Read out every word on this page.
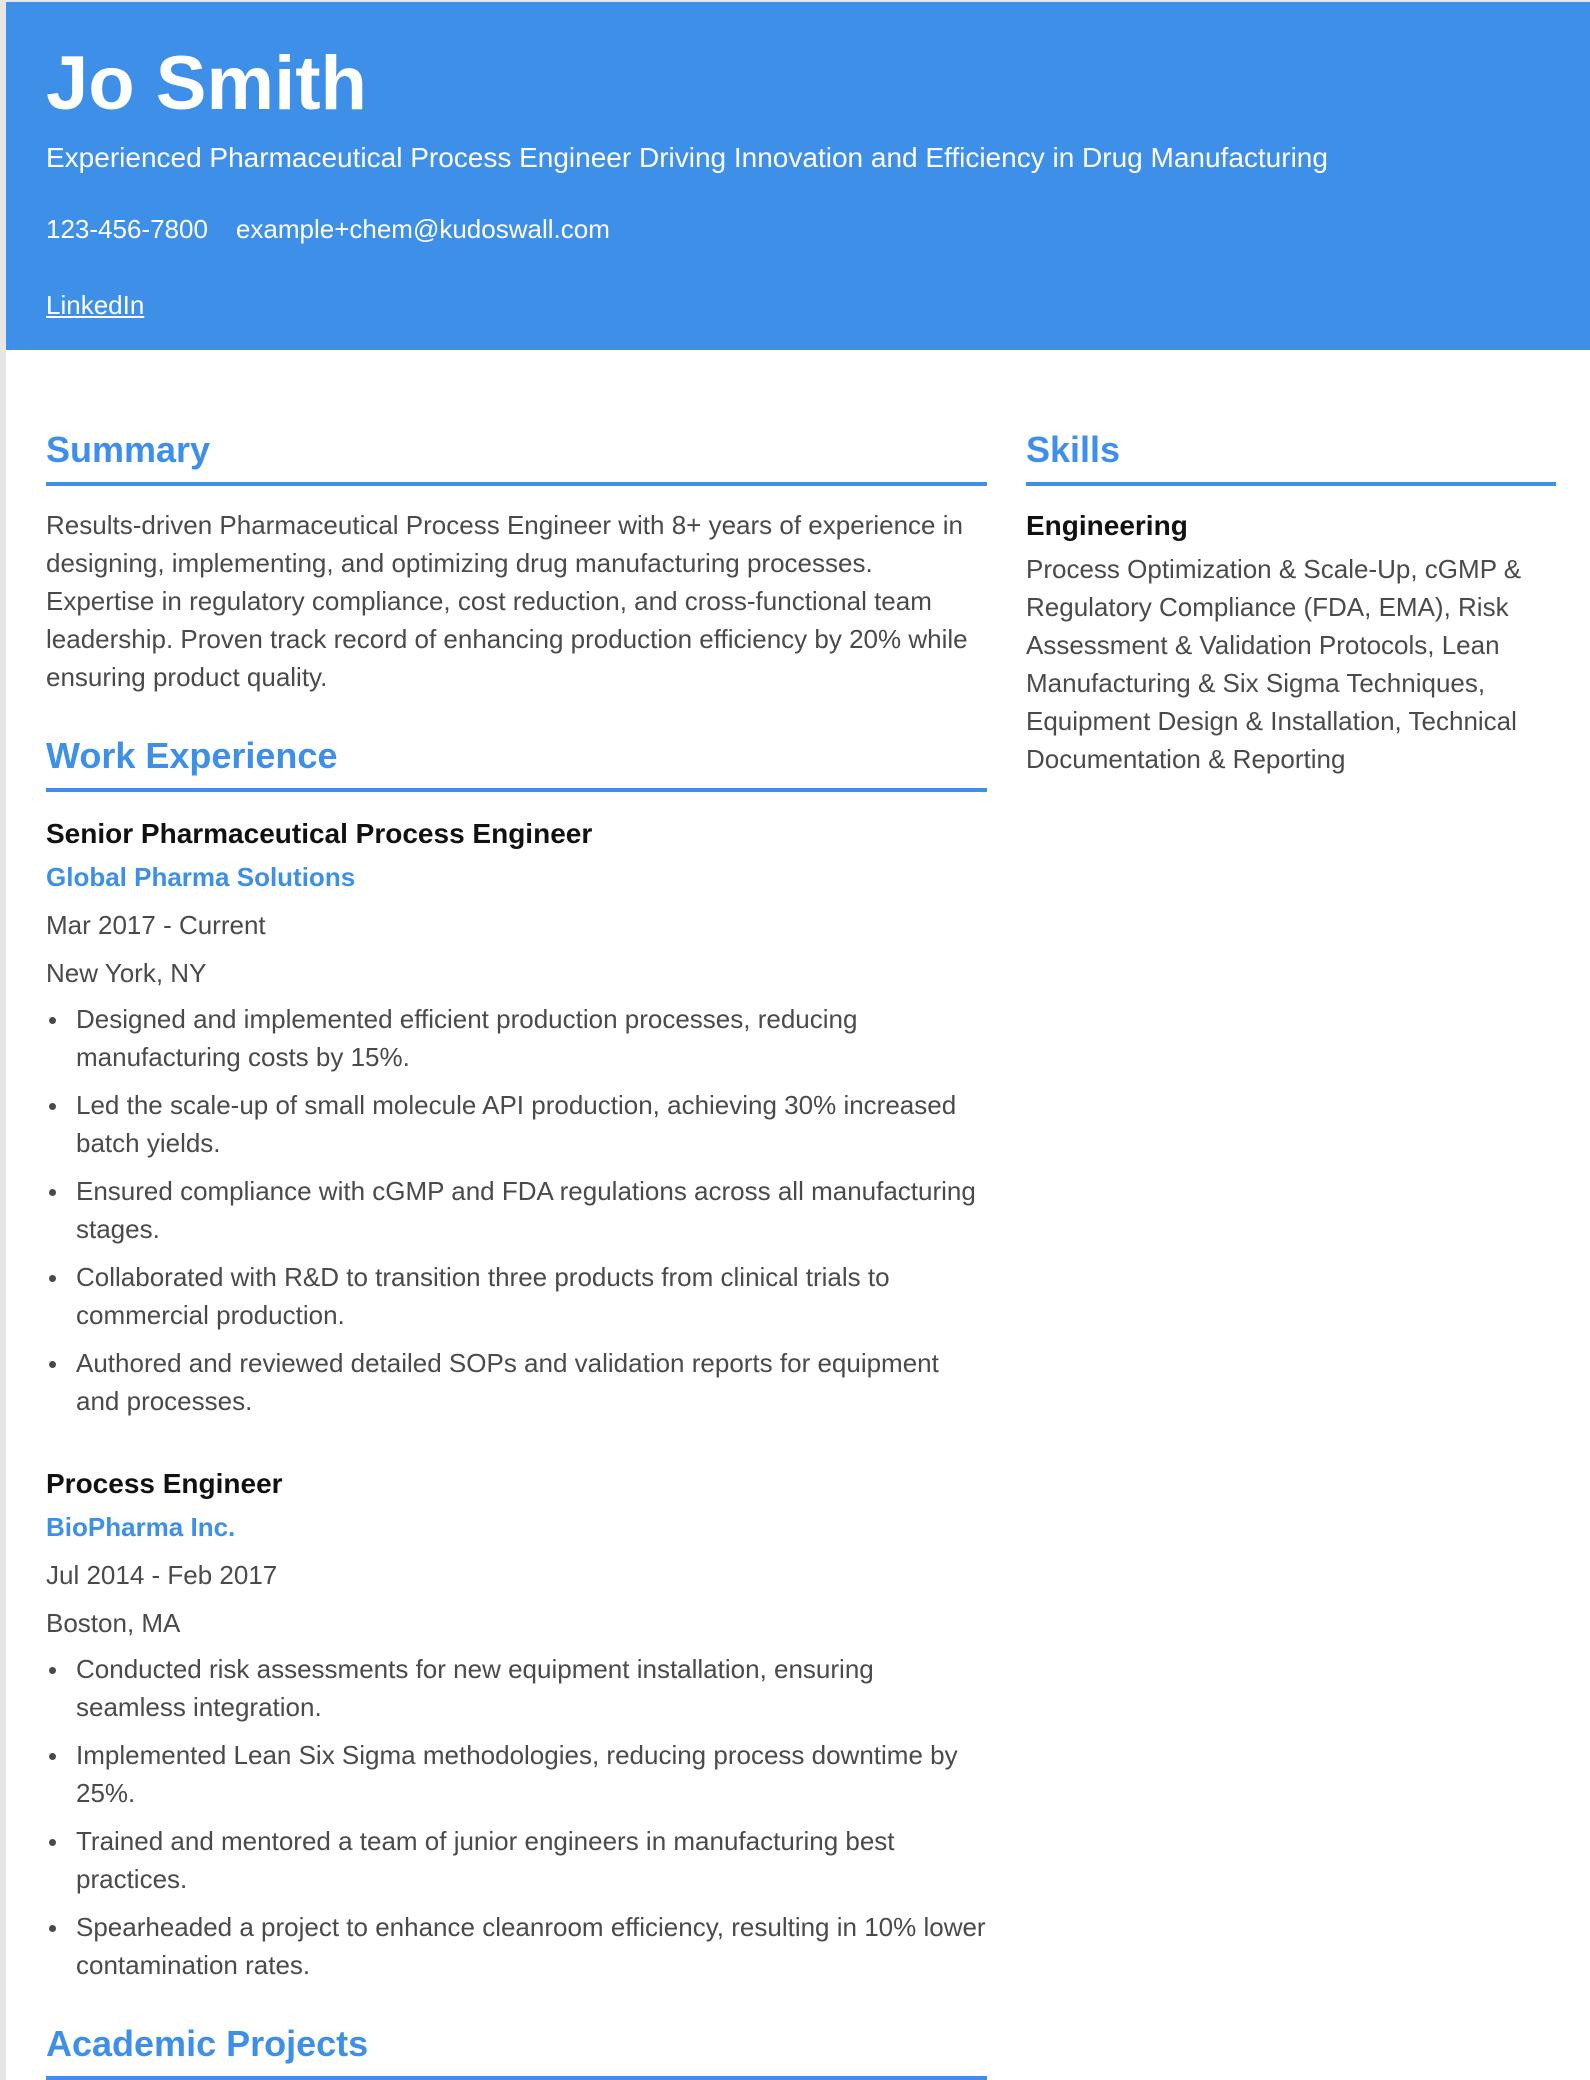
Jo Smith
Experienced Pharmaceutical Process Engineer Driving Innovation and Efficiency in Drug Manufacturing
123-456-7800 example+chem@kudoswall.com
LinkedIn
Summary

Results-driven Pharmaceutical Process Engineer with 8+ years of experience in designing, implementing, and optimizing drug manufacturing processes. Expertise in regulatory compliance, cost reduction, and cross-functional team leadership. Proven track record of enhancing production efficiency by 20% while ensuring product quality.

Work Experience
Senior Pharmaceutical Process Engineer
Global Pharma Solutions
Mar 2017 - Current
New York, NY
Designed and implemented efficient production processes, reducing manufacturing costs by 15%.
Led the scale-up of small molecule API production, achieving 30% increased batch yields.
Ensured compliance with cGMP and FDA regulations across all manufacturing stages.
Collaborated with R&D to transition three products from clinical trials to commercial production.
Authored and reviewed detailed SOPs and validation reports for equipment and processes.
Process Engineer
BioPharma Inc.
Jul 2014 - Feb 2017
Boston, MA
Conducted risk assessments for new equipment installation, ensuring seamless integration.
Implemented Lean Six Sigma methodologies, reducing process downtime by 25%.
Trained and mentored a team of junior engineers in manufacturing best practices.
Spearheaded a project to enhance cleanroom efficiency, resulting in 10% lower contamination rates.
Academic Projects
Skills
Engineering

Process Optimization & Scale-Up, cGMP & Regulatory Compliance (FDA, EMA), Risk Assessment & Validation Protocols, Lean Manufacturing & Six Sigma Techniques, Equipment Design & Installation, Technical Documentation & Reporting
